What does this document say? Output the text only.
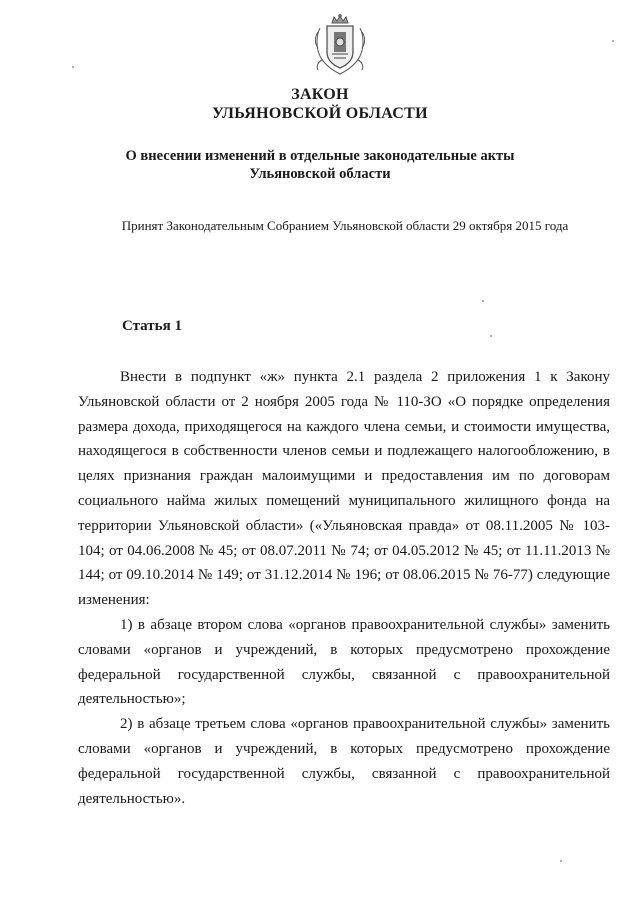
ЗАКОН
УЛЬЯНОВСКОЙ ОБЛАСТИ
О внесении изменений в отдельные законодательные акты
Ульяновской области
Принят Законодательным Собранием Ульяновской области 29 октября 2015 года
Статья 1

Внести в подпункт «ж» пункта 2.1 раздела 2 приложения 1 к Закону Ульяновской области от 2 ноября 2005 года № 110-ЗО «О порядке определения размера дохода, приходящегося на каждого члена семьи, и стоимости имущества, находящегося в собственности членов семьи и подлежащего налогообложению, в целях признания граждан малоимущими и предоставления им по договорам социального найма жилых помещений муниципального жилищного фонда на территории Ульяновской области» («Ульяновская правда» от 08.11.2005 № 103-104; от 04.06.2008 № 45; от 08.07.2011 № 74; от 04.05.2012 № 45; от 11.11.2013 № 144; от 09.10.2014 № 149; от 31.12.2014 № 196; от 08.06.2015 № 76-77) следующие изменения:

1) в абзаце втором слова «органов правоохранительной службы» заменить словами «органов и учреждений, в которых предусмотрено прохождение федеральной государственной службы, связанной с правоохранительной деятельностью»;

2) в абзаце третьем слова «органов правоохранительной службы» заменить словами «органов и учреждений, в которых предусмотрено прохождение федеральной государственной службы, связанной с правоохранительной деятельностью».
